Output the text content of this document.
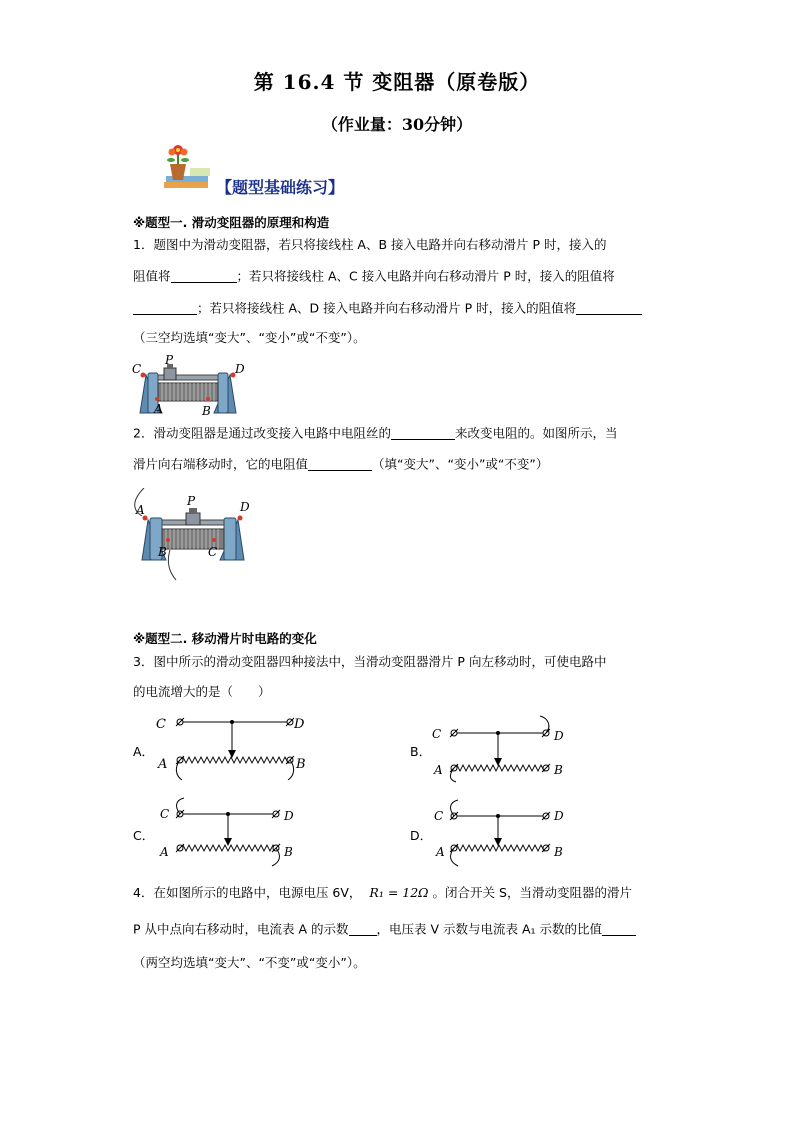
第 16.4 节 变阻器（原卷版）
（作业量：30分钟）
【题型基础练习】
※题型一. 滑动变阻器的原理和构造
1．题图中为滑动变阻器，若只将接线柱 A、B 接入电路并向右移动滑片 P 时，接入的
阻值将	；若只将接线柱 A、C 接入电路并向右移动滑片 P 时，接入的阻值将
；若只将接线柱 A、D 接入电路并向右移动滑片 P 时，接入的阻值将
（三空均选填“变大”、“变小”或“不变”）。
C
P
D
A	B
2．滑动变阻器是通过改变接入电路中电阻丝的	来改变电阻的。如图所示，当
滑片向右端移动时，它的电阻值	（填“变大”、“变小”或“不变”）
P
A	D
B	C
※题型二. 移动滑片时电路的变化
3．图中所示的滑动变阻器四种接法中，当滑动变阻器滑片 P 向左移动时，可使电路中
的电流增大的是（　　）
A．
C	D
A	B
B．
C	D
A	B
C．
C	D
A	B
D．
C	D
A	B
4．在如图所示的电路中，电源电压 6V， R₁ = 12Ω 。闭合开关 S，当滑动变阻器的滑片
P 从中点向右移动时，电流表 A 的示数 ，电压表 V 示数与电流表 A₁ 示数的比值
（两空均选填“变大”、“不变”或“变小”）。
